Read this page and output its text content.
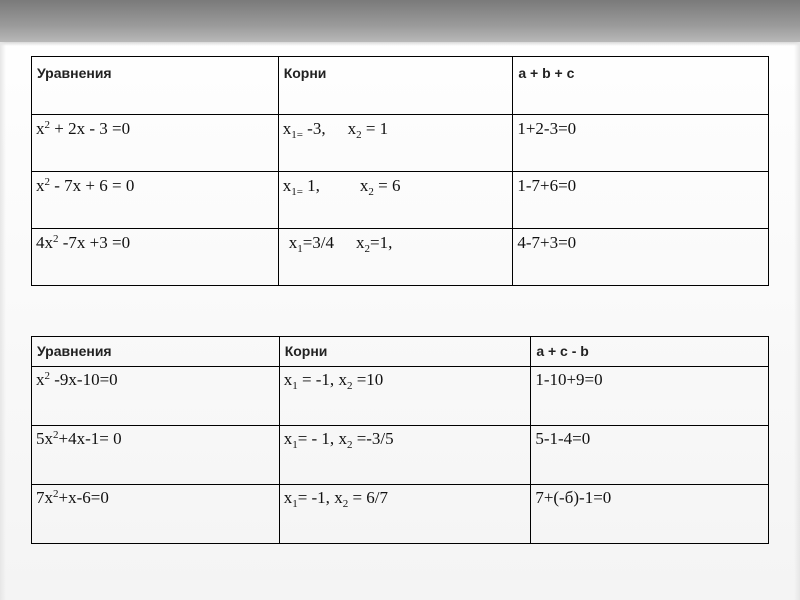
Уравнения	Корни	a + b + c
$x^2 + 2x - 3 =0$	$x_{1=}$ -3, $x_2 = 1$	1+2-3=0
$x^2 - 7x + 6 = 0$	$x_{1=}$ 1, $x_2 = 6$	1-7+6=0
$4x^2$ -7x +3 =0	$x_1=3/4$ $x_2=1$,	4-7+3=0
Уравнения	Корни	a + c - b
$x^2$ -9x-10=0	$x_1 = -1$, $x_2 =10$	1-10+9=0
$5x^2+4x-1= 0$	$x_1= - 1$, $x_2 =-3/5$	5-1-4=0
$7x^2+x-6=0$	$x_1= -1$, $x_2 = 6/7$	7+(-б)-1=0
